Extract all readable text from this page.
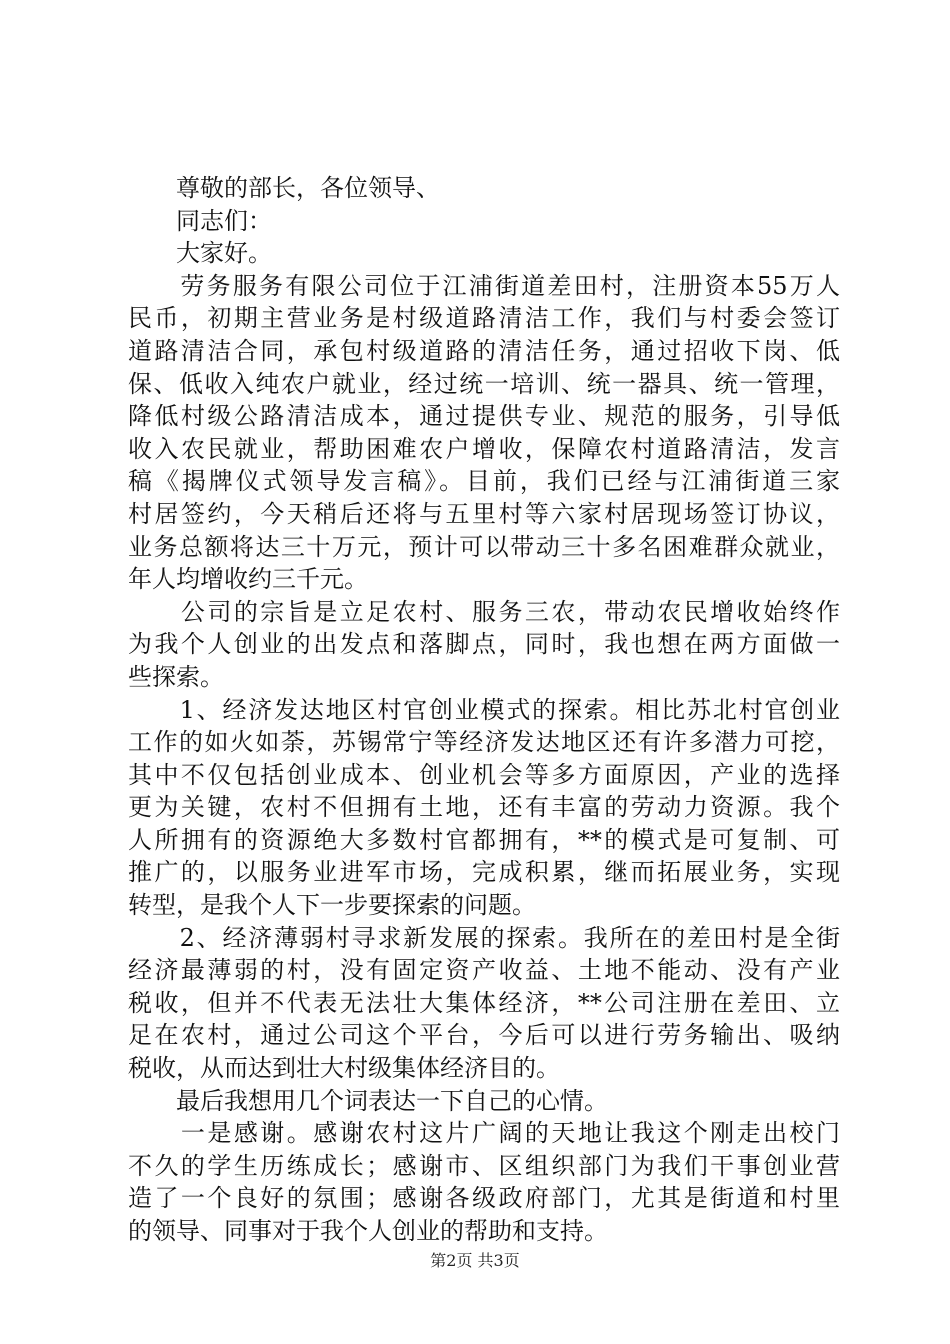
　　尊敬的部长，各位领导、
　　同志们：
　　大家好。
　　劳务服务有限公司位于江浦街道差田村，注册资本55万人
民币，初期主营业务是村级道路清洁工作，我们与村委会签订
道路清洁合同，承包村级道路的清洁任务，通过招收下岗、低
保、低收入纯农户就业，经过统一培训、统一器具、统一管理，
降低村级公路清洁成本，通过提供专业、规范的服务，引导低
收入农民就业，帮助困难农户增收，保障农村道路清洁，发言
稿《揭牌仪式领导发言稿》。目前，我们已经与江浦街道三家
村居签约，今天稍后还将与五里村等六家村居现场签订协议，
业务总额将达三十万元，预计可以带动三十多名困难群众就业，
年人均增收约三千元。
　　公司的宗旨是立足农村、服务三农，带动农民增收始终作
为我个人创业的出发点和落脚点，同时，我也想在两方面做一
些探索。
　　1、经济发达地区村官创业模式的探索。相比苏北村官创业
工作的如火如荼，苏锡常宁等经济发达地区还有许多潜力可挖，
其中不仅包括创业成本、创业机会等多方面原因，产业的选择
更为关键，农村不但拥有土地，还有丰富的劳动力资源。我个
人所拥有的资源绝大多数村官都拥有，**的模式是可复制、可
推广的，以服务业进军市场，完成积累，继而拓展业务，实现
转型，是我个人下一步要探索的问题。
　　2、经济薄弱村寻求新发展的探索。我所在的差田村是全街
经济最薄弱的村，没有固定资产收益、土地不能动、没有产业
税收，但并不代表无法壮大集体经济，**公司注册在差田、立
足在农村，通过公司这个平台，今后可以进行劳务输出、吸纳
税收，从而达到壮大村级集体经济目的。
　　最后我想用几个词表达一下自己的心情。
　　一是感谢。感谢农村这片广阔的天地让我这个刚走出校门
不久的学生历练成长；感谢市、区组织部门为我们干事创业营
造了一个良好的氛围；感谢各级政府部门，尤其是街道和村里
的领导、同事对于我个人创业的帮助和支持。
第2页 共3页
